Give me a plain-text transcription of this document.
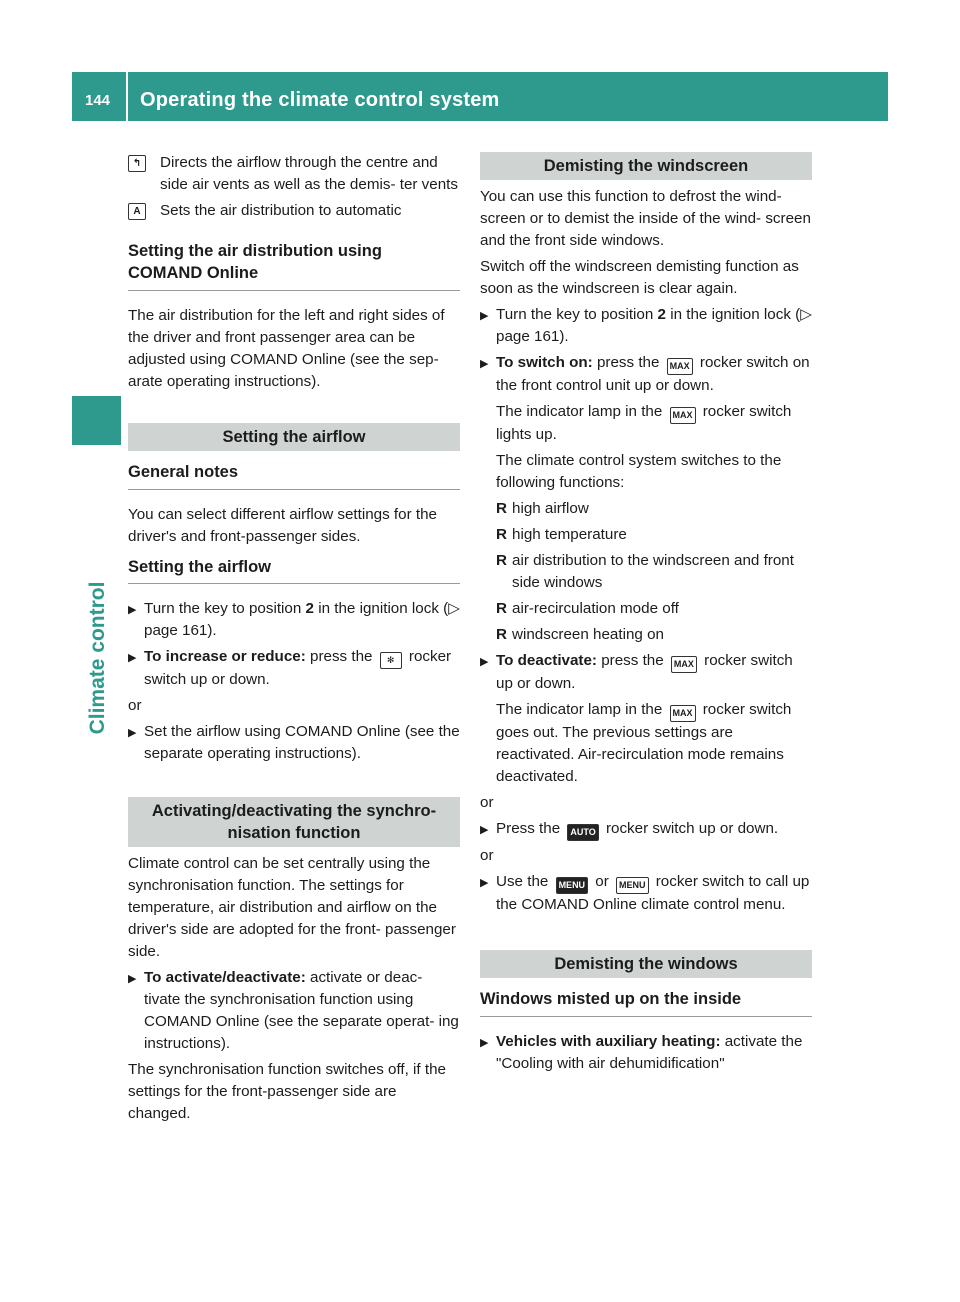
144 Operating the climate control system
Climate control
↰	Directs the airflow through the centre and side air vents as well as the demis- ter vents
A	Sets the air distribution to automatic
Setting the air distribution using COMAND Online

The air distribution for the left and right sides of the driver and front passenger area can be adjusted using COMAND Online (see the sep- arate operating instructions).

Setting the airflow
General notes

You can select different airflow settings for the driver's and front-passenger sides.

Setting the airflow
▶ Turn the key to position 2 in the ignition lock (▷ page 161).
▶ To increase or reduce: press the ✻ rocker switch up or down.

or

▶ Set the airflow using COMAND Online (see the separate operating instructions).
Activating/deactivating the synchro- nisation function

Climate control can be set centrally using the synchronisation function. The settings for temperature, air distribution and airflow on the driver's side are adopted for the front- passenger side.

▶ To activate/deactivate: activate or deac- tivate the synchronisation function using COMAND Online (see the separate operat- ing instructions).

The synchronisation function switches off, if the settings for the front-passenger side are changed.

Demisting the windscreen

You can use this function to defrost the wind- screen or to demist the inside of the wind- screen and the front side windows.

Switch off the windscreen demisting function as soon as the windscreen is clear again.

▶ Turn the key to position 2 in the ignition lock (▷ page 161).
▶ To switch on: press the MAX rocker switch on the front control unit up or down.

The indicator lamp in the MAX rocker switch lights up.

The climate control system switches to the following functions:

R high airflow
R high temperature
R air distribution to the windscreen and front side windows
R air-recirculation mode off
R windscreen heating on
▶ To deactivate: press the MAX rocker switch up or down.

The indicator lamp in the MAX rocker switch goes out. The previous settings are reactivated. Air-recirculation mode remains deactivated.

or

▶ Press the AUTO rocker switch up or down.

or

▶ Use the MENU or MENU rocker switch to call up the COMAND Online climate control menu.
Demisting the windows
Windows misted up on the inside
▶ Vehicles with auxiliary heating: activate the "Cooling with air dehumidification"
